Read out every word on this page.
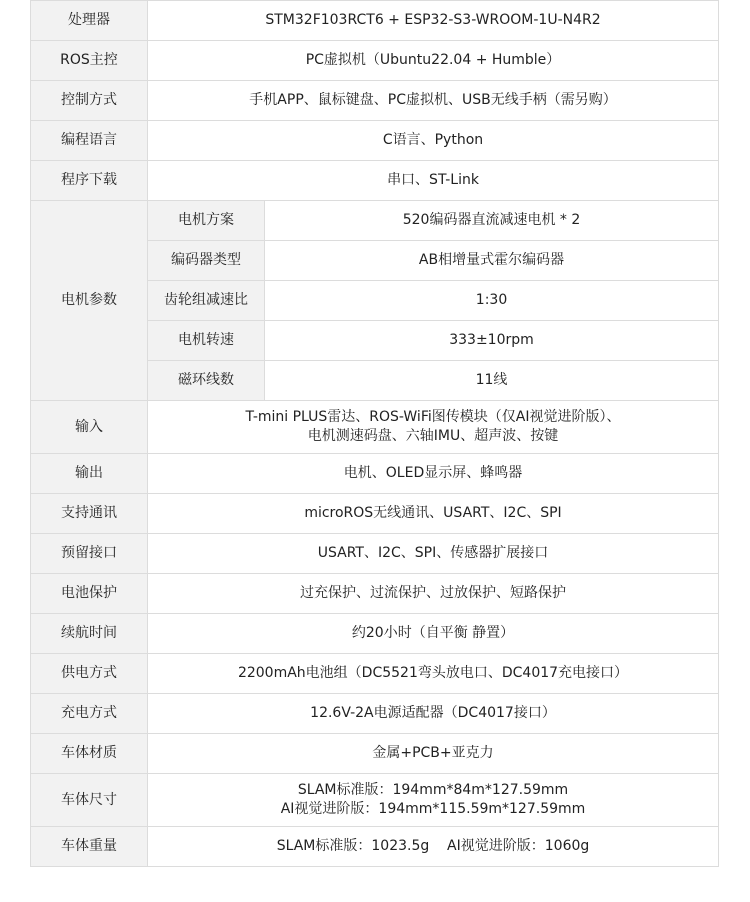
处理器	STM32F103RCT6 + ESP32-S3-WROOM-1U-N4R2	
ROS主控	PC虚拟机（Ubuntu22.04 + Humble）	
控制方式	手机APP、鼠标键盘、PC虚拟机、USB无线手柄（需另购）	
编程语言	C语言、Python	
程序下载	串口、ST-Link	
电机参数	电机方案	520编码器直流减速电机 * 2
	编码器类型	AB相增量式霍尔编码器
	齿轮组减速比	1:30
	电机转速	333±10rpm
	磁环线数	11线
输入	T-mini PLUS雷达、ROS-WiFi图传模块（仅AI视觉进阶版）、
电机测速码盘、六轴IMU、超声波、按键	

输出	电机、OLED显示屏、蜂鸣器	
支持通讯	microROS无线通讯、USART、I2C、SPI	
预留接口	USART、I2C、SPI、传感器扩展接口	
电池保护	过充保护、过流保护、过放保护、短路保护	
续航时间	约20小时（自平衡 静置）	
供电方式	2200mAh电池组（DC5521弯头放电口、DC4017充电接口）	
充电方式	12.6V-2A电源适配器（DC4017接口）	
车体材质	金属+PCB+亚克力	
车体尺寸	SLAM标准版：194mm*84m*127.59mm
AI视觉进阶版：194mm*115.59m*127.59mm	

车体重量	SLAM标准版：1023.5g    AI视觉进阶版：1060g	
